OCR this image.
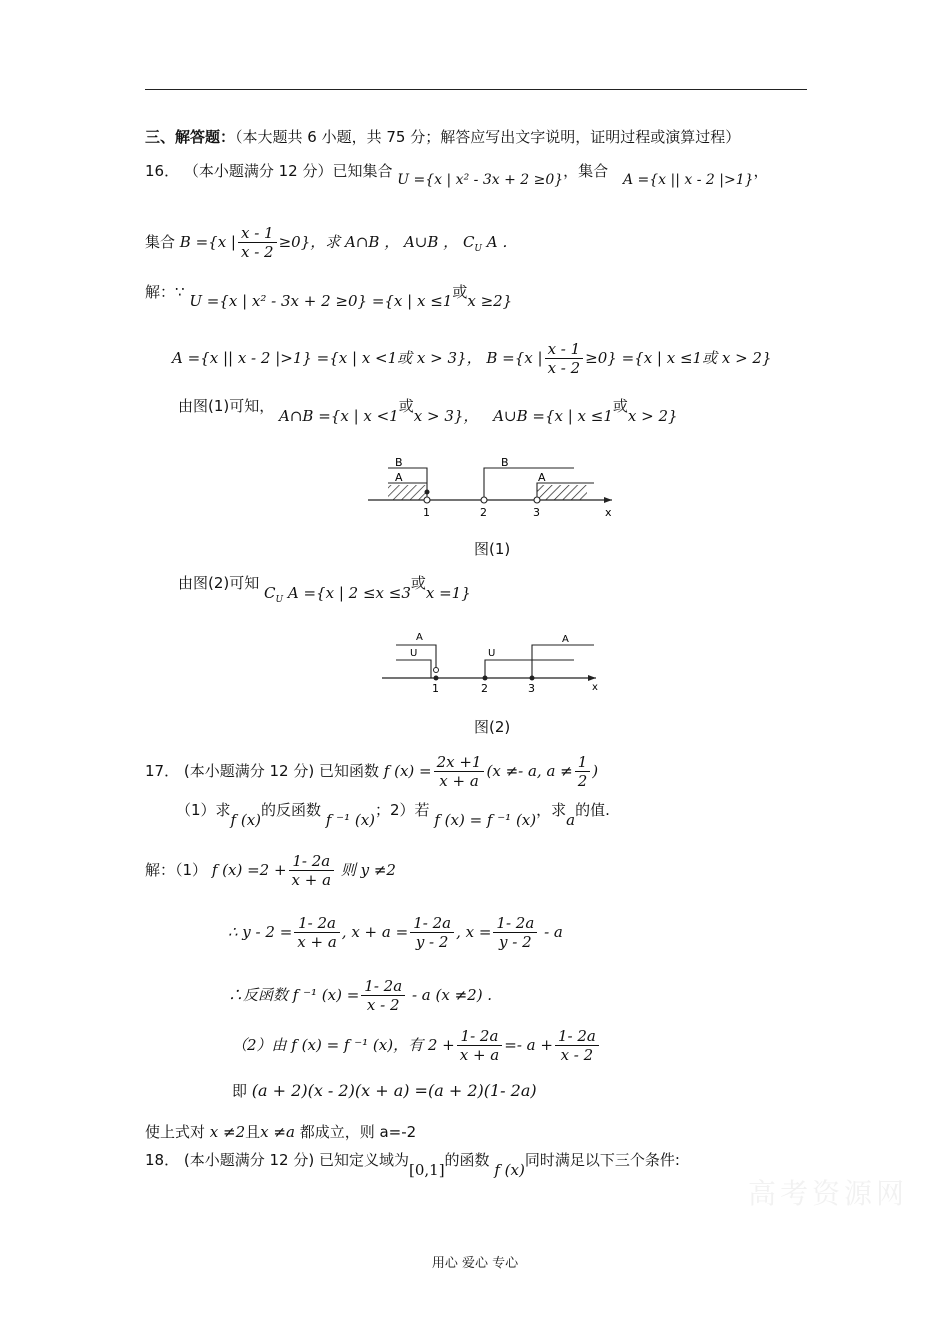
三、解答题：（本大题共 6 小题，共 75 分；解答应写出文字说明，证明过程或演算过程）
16． （本小题满分 12 分）已知集合 U ={x | x² - 3x + 2 ≥0}，集合 A ={x || x - 2 |>1}，
集合 B ={x | $\frac{x - 1}{x - 2} \ge 0$}，求 A∩B ， A∪B ， $C_U$ A ．
解：∵ U ={x | x² - 3x + 2 ≥0} ={x | x ≤1或x ≥2}
A ={x || x - 2 |>1} ={x | x <1或 x > 3}， B ={x | $\frac{x - 1}{x - 2} \ge 0\} =\{x$ | x ≤1或 x > 2}
由图(1)可知， A∩B ={x | x <1或x > 3}， A∪B ={x | x ≤1或x > 2}
B
A
B
A
1	2	3	x
图(1)
由图(2)可知 $C_U$ A ={x | 2 ≤x ≤3或x =1}
A
U	U
A
1	2	3	x
图(2)
17． (本小题满分 12 分) 已知函数 f $(x) = \frac{2x +1}{x + a} (x \ne- a$, $a \ne \frac{1}{2}$ )
（1）求f (x)的反函数 f ⁻¹ (x)；2）若 f (x) = f ⁻¹ (x)，求a的值.
解：（1） f $(x) =2 + \frac{1- 2a}{x + a}$ 则 y ≠2
∴ $y - 2 = \frac{1- 2a}{x + a}$ , $x + a = \frac{1- 2a}{y - 2}$ , $x = \frac{1- 2a}{y - 2} - a$
∴反函数 f ⁻¹ $(x) = \frac{1- 2a}{x - 2} - a$ (x ≠2) .
（2）由 f (x) = f ⁻¹ (x)，有 $2 + \frac{1- 2a}{x + a} =- a + \frac{1- 2a}{x - 2}$
即 (a + 2)(x - 2)(x + a) =(a + 2)(1- 2a)
使上式对 x ≠2且x ≠a 都成立，则 a=-2
18． (本小题满分 12 分) 已知定义域为[0,1]的函数 f (x)同时满足以下三个条件:
高考资源网
用心 爱心 专心
